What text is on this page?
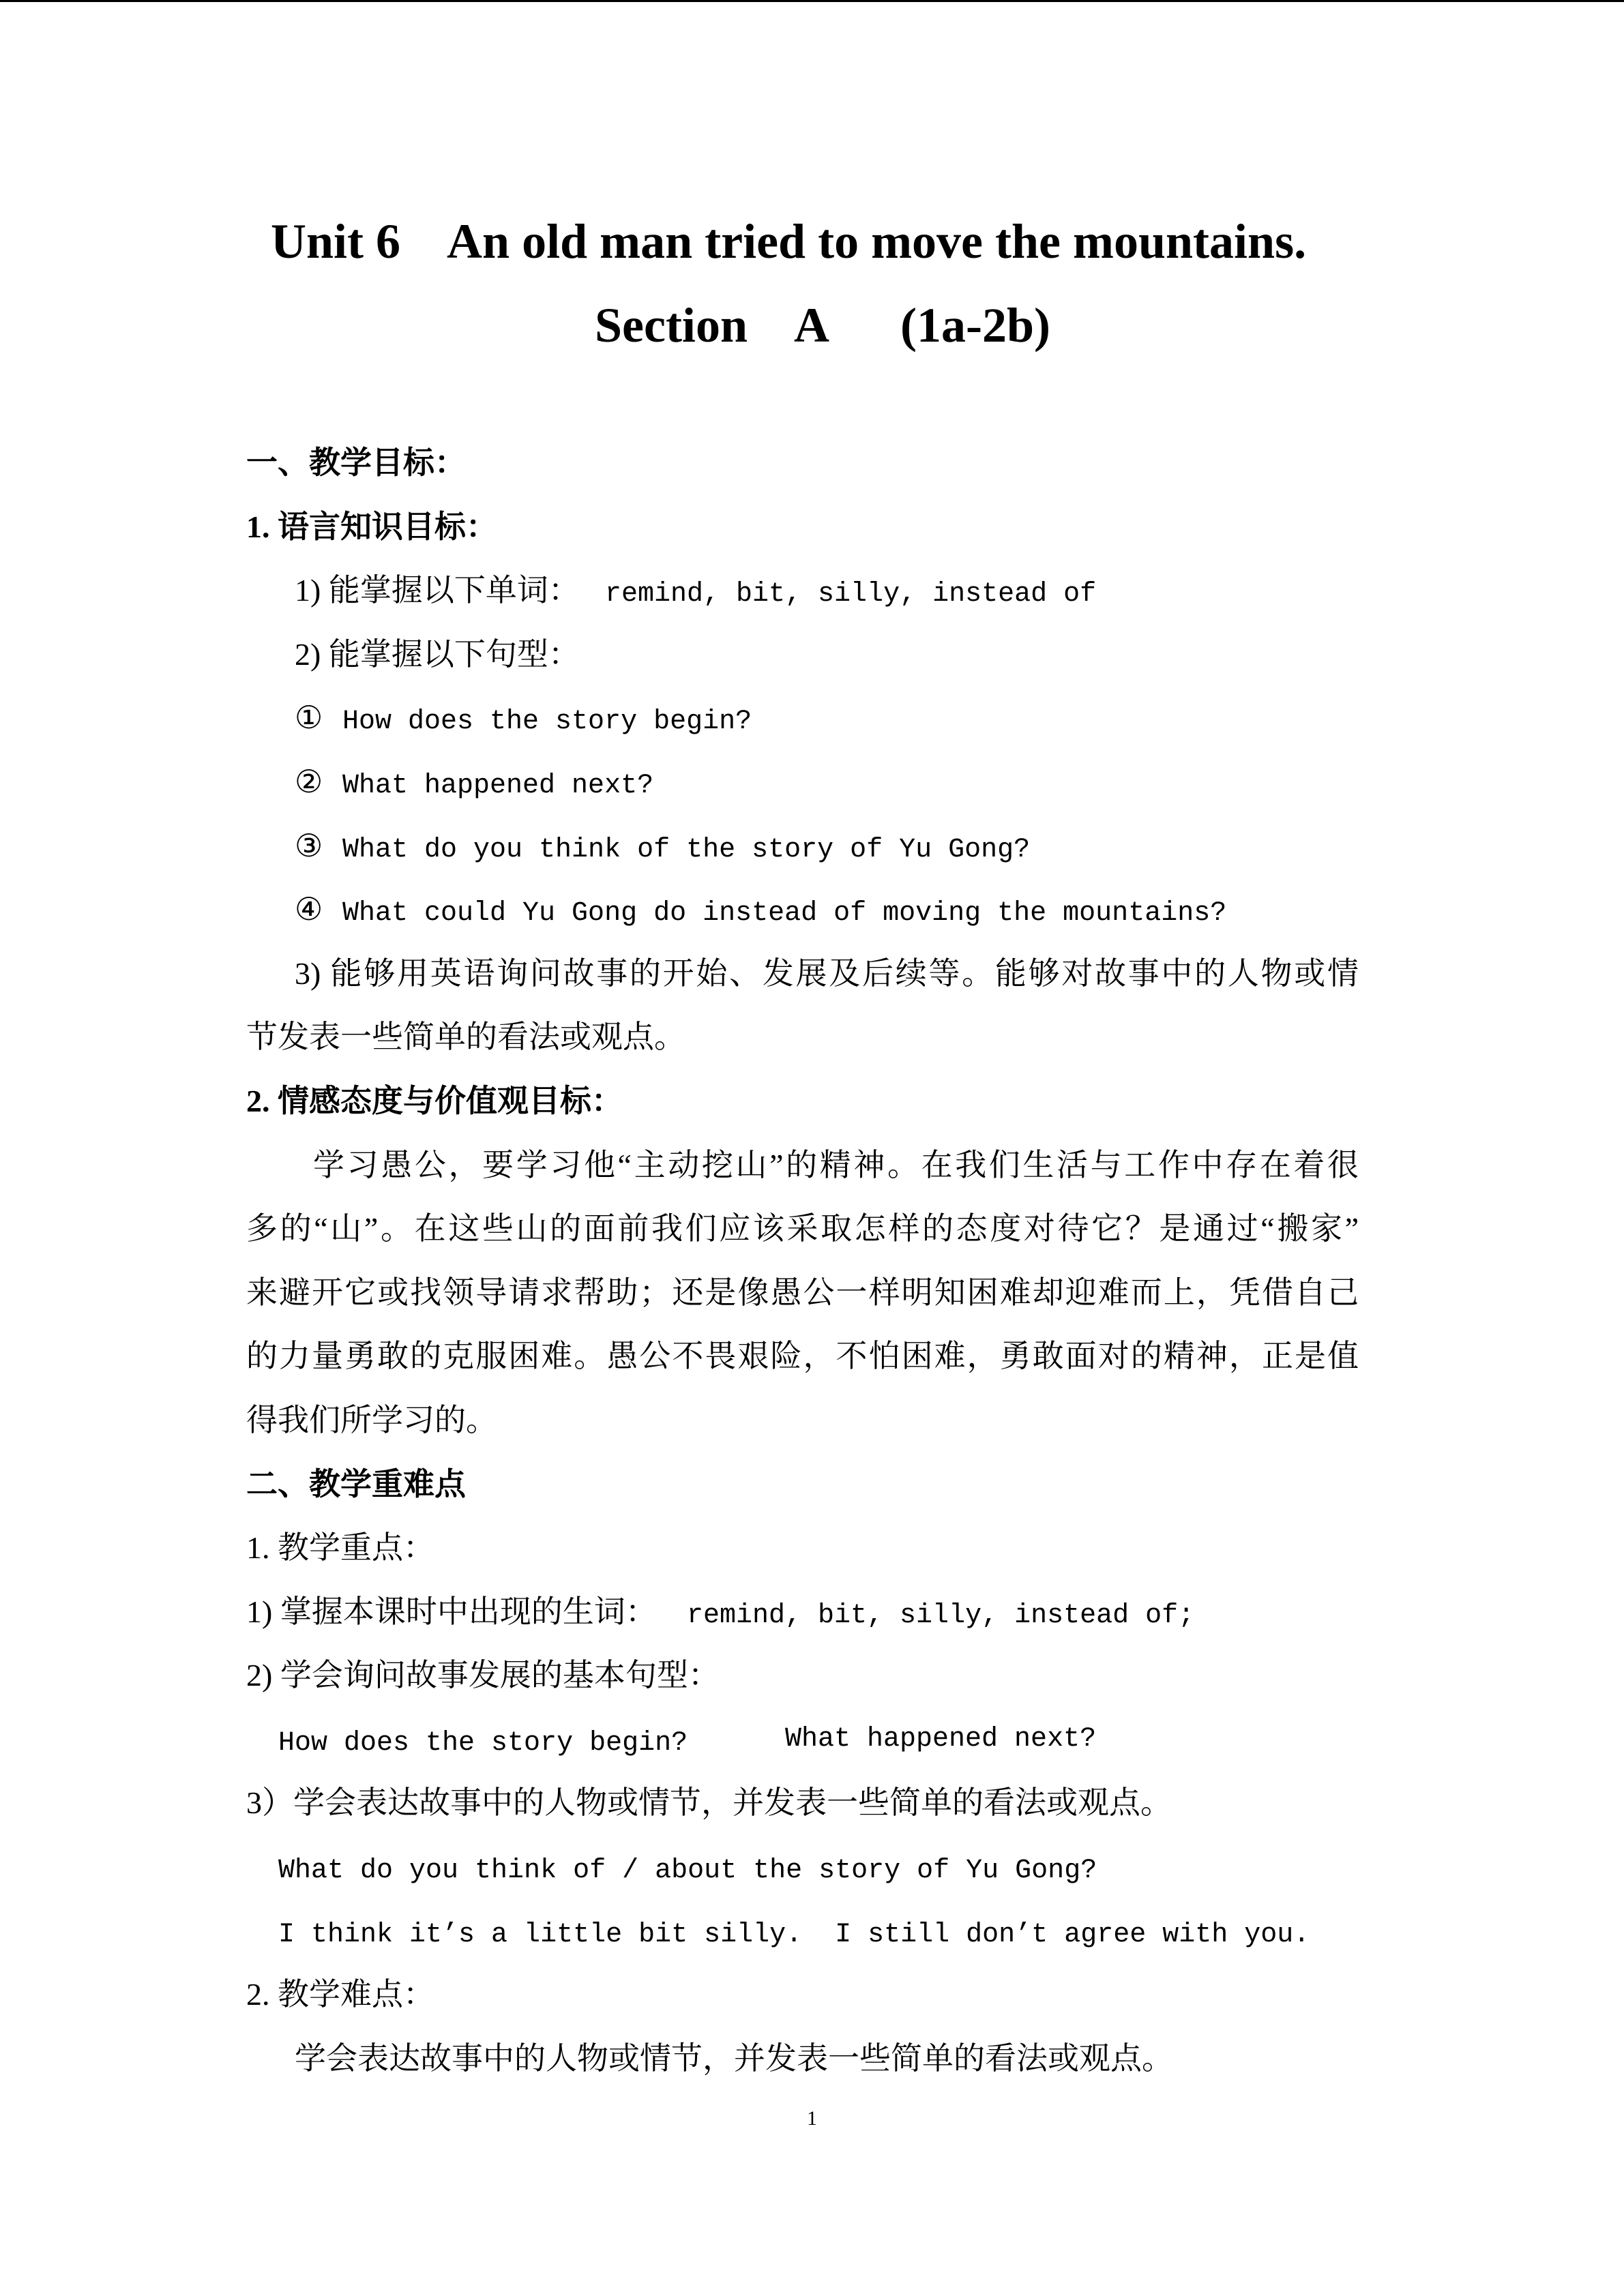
Unit 6    An old man tried to move the mountains.
Section    A      (1a-2b)
一、教学目标：
1. 语言知识目标：
1) 能掌握以下单词： remind, bit, silly, instead of
2) 能掌握以下句型：
① How does the story begin?
② What happened next?
③ What do you think of the story of Yu Gong?
④ What could Yu Gong do instead of moving the mountains?
3) 能够用英语询问故事的开始、发展及后续等。能够对故事中的人物或情
节发表一些简单的看法或观点。
2. 情感态度与价值观目标：
学习愚公，要学习他“主动挖山”的精神。在我们生活与工作中存在着很
多的“山”。在这些山的面前我们应该采取怎样的态度对待它？是通过“搬家”
来避开它或找领导请求帮助；还是像愚公一样明知困难却迎难而上，凭借自己
的力量勇敢的克服困难。愚公不畏艰险，不怕困难，勇敢面对的精神，正是值
得我们所学习的。
二、教学重难点
1. 教学重点：
1) 掌握本课时中出现的生词： remind, bit, silly, instead of;
2) 学会询问故事发展的基本句型：
How does the story begin?	What happened next?
3）学会表达故事中的人物或情节，并发表一些简单的看法或观点。
What do you think of / about the story of Yu Gong?
I think it’s a little bit silly.  I still don’t agree with you.
2. 教学难点：
学会表达故事中的人物或情节，并发表一些简单的看法或观点。
1
